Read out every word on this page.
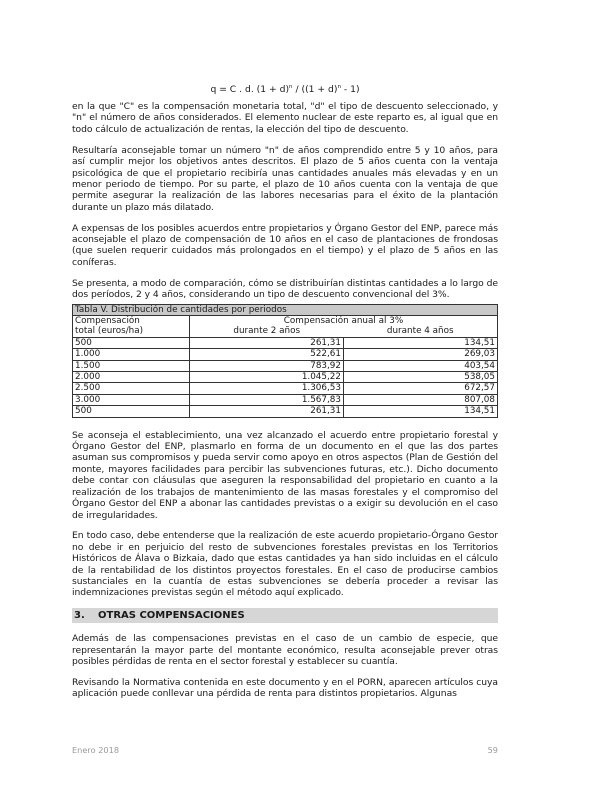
q = C . d. $(1 + d)^n / ((1 + d)^n - 1)$

en la que "C" es la compensación monetaria total, "d" el tipo de descuento seleccionado, y "n" el número de años considerados. El elemento nuclear de este reparto es, al igual que en todo cálculo de actualización de rentas, la elección del tipo de descuento.

Resultaría aconsejable tomar un número "n" de años comprendido entre 5 y 10 años, para así cumplir mejor los objetivos antes descritos. El plazo de 5 años cuenta con la ventaja psicológica de que el propietario recibiría unas cantidades anuales más elevadas y en un menor periodo de tiempo. Por su parte, el plazo de 10 años cuenta con la ventaja de que permite asegurar la realización de las labores necesarias para el éxito de la plantación durante un plazo más dilatado.

A expensas de los posibles acuerdos entre propietarios y Órgano Gestor del ENP, parece más aconsejable el plazo de compensación de 10 años en el caso de plantaciones de frondosas (que suelen requerir cuidados más prolongados en el tiempo) y el plazo de 5 años en las coníferas.

Se presenta, a modo de comparación, cómo se distribuirían distintas cantidades a lo largo de dos períodos, 2 y 4 años, considerando un tipo de descuento convencional del 3%.

Tabla V. Distribución de cantidades por periodos		

Compensación
total (euros/ha)	Compensación anual al 3%	
	durante 2 años	durante 4 años
500	261,31	134,51
1.000	522,61	269,03
1.500	783,92	403,54
2.000	1.045,22	538,05
2.500	1.306,53	672,57
3.000	1.567,83	807,08
500	261,31	134,51

Se aconseja el establecimiento, una vez alcanzado el acuerdo entre propietario forestal y Órgano Gestor del ENP, plasmarlo en forma de un documento en el que las dos partes asuman sus compromisos y pueda servir como apoyo en otros aspectos (Plan de Gestión del monte, mayores facilidades para percibir las subvenciones futuras, etc.). Dicho documento debe contar con cláusulas que aseguren la responsabilidad del propietario en cuanto a la realización de los trabajos de mantenimiento de las masas forestales y el compromiso del Órgano Gestor del ENP a abonar las cantidades previstas o a exigir su devolución en el caso de irregularidades.

En todo caso, debe entenderse que la realización de este acuerdo propietario-Órgano Gestor no debe ir en perjuicio del resto de subvenciones forestales previstas en los Territorios Históricos de Álava o Bizkaia, dado que estas cantidades ya han sido incluidas en el cálculo de la rentabilidad de los distintos proyectos forestales. En el caso de producirse cambios sustanciales en la cuantía de estas subvenciones se debería proceder a revisar las indemnizaciones previstas según el método aquí explicado.

3. OTRAS COMPENSACIONES

Además de las compensaciones previstas en el caso de un cambio de especie, que representarán la mayor parte del montante económico, resulta aconsejable prever otras posibles pérdidas de renta en el sector forestal y establecer su cuantía.

Revisando la Normativa contenida en este documento y en el PORN, aparecen artículos cuya aplicación puede conllevar una pérdida de renta para distintos propietarios. Algunas

Enero 2018	59
